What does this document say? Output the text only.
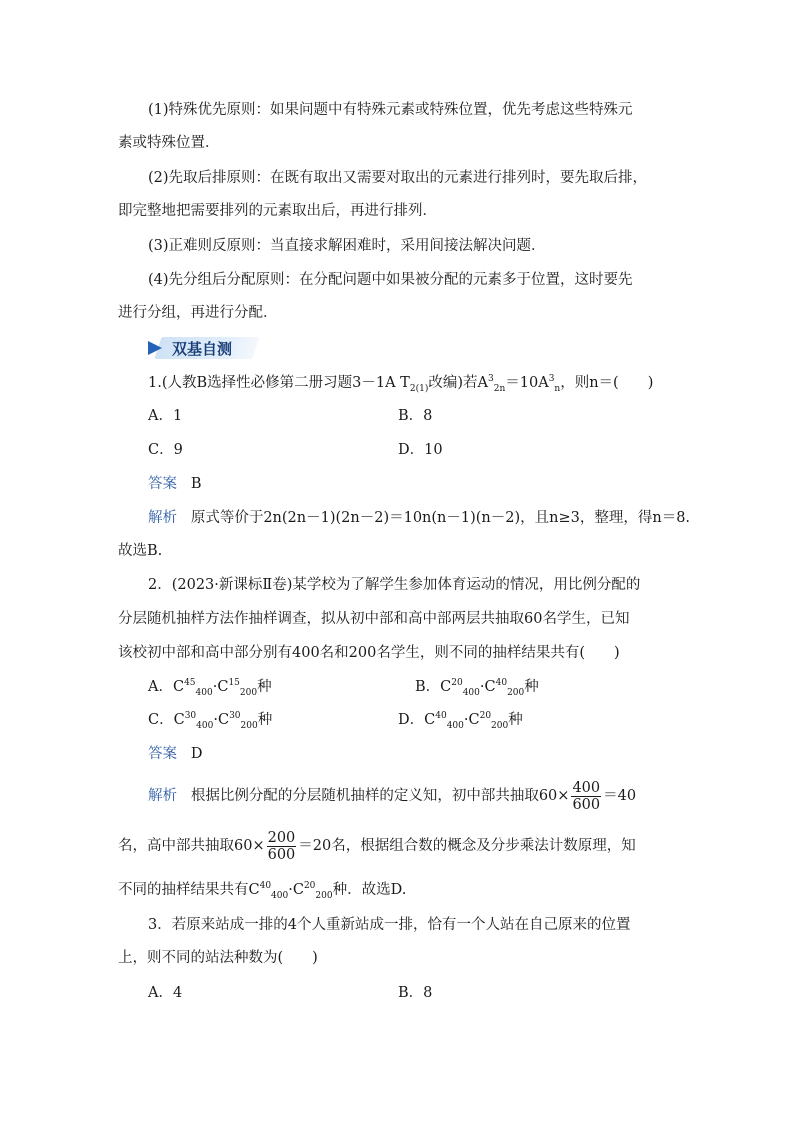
(1)特殊优先原则：如果问题中有特殊元素或特殊位置，优先考虑这些特殊元
素或特殊位置．
(2)先取后排原则：在既有取出又需要对取出的元素进行排列时，要先取后排，
即完整地把需要排列的元素取出后，再进行排列．
(3)正难则反原则：当直接求解困难时，采用间接法解决问题．
(4)先分组后分配原则：在分配问题中如果被分配的元素多于位置，这时要先
进行分组，再进行分配．
双基自测
1.(人教B选择性必修第二册习题3－1A $T_{2(1)}$改编)若$A^3_{2n}=10A^3_n$，则n＝(　　)
A．1	B．8
C．9	D．10
答案 B
解析 原式等价于2n(2n－1)(2n－2)＝10n(n－1)(n－2)，且n≥3，整理，得n＝8.
故选B.
2．(2023·新课标Ⅱ卷)某学校为了解学生参加体育运动的情况，用比例分配的
分层随机抽样方法作抽样调查，拟从初中部和高中部两层共抽取60名学生，已知
该校初中部和高中部分别有400名和200名学生，则不同的抽样结果共有(　　)
A．$C^{45}_{400}\cdot C^{15}_{200}$种	B．$C^{20}_{400}\cdot C^{40}_{200}$种
C．$C^{30}_{400}\cdot C^{30}_{200}$种	D．$C^{40}_{400}\cdot C^{20}_{200}$种
答案 D
解析 根据比例分配的分层随机抽样的定义知，初中部共抽取$60\times \frac{400}{600} =40$
名，高中部共抽取$60\times \frac{200}{600} =20$名，根据组合数的概念及分步乘法计数原理，知
不同的抽样结果共有$C^{40}_{400}\cdot C^{20}_{200}$种．故选D.
3．若原来站成一排的4个人重新站成一排，恰有一个人站在自己原来的位置
上，则不同的站法种数为(　　)
A．4	B．8
